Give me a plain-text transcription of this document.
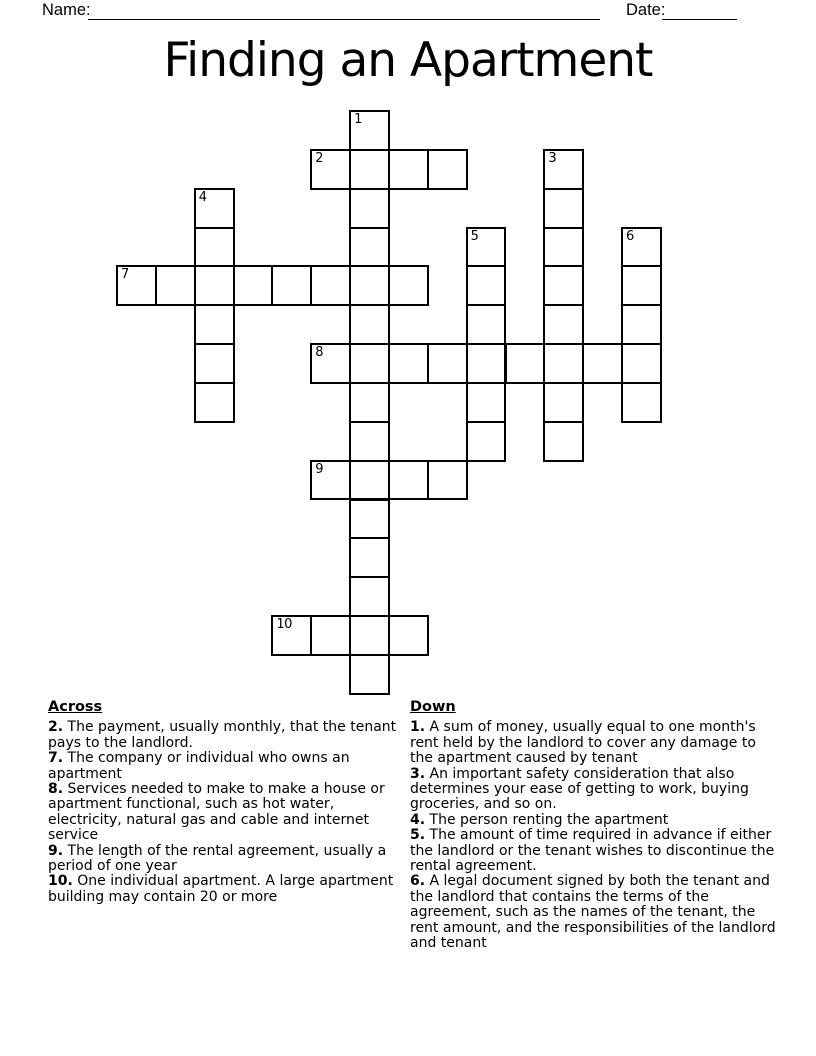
Name:	Date:
Finding an Apartment
1
2	3
4
5	6
7
8
9
10

Across

2. The payment, usually monthly, that the tenant pays to the landlord.

7. The company or individual who owns an apartment

8. Services needed to make to make a house or apartment functional, such as hot water, electricity, natural gas and cable and internet service

9. The length of the rental agreement, usually a period of one year

10. One individual apartment. A large apartment building may contain 20 or more

Down

1. A sum of money, usually equal to one month's rent held by the landlord to cover any damage to the apartment caused by tenant

3. An important safety consideration that also determines your ease of getting to work, buying groceries, and so on.

4. The person renting the apartment

5. The amount of time required in advance if either the landlord or the tenant wishes to discontinue the rental agreement.

6. A legal document signed by both the tenant and the landlord that contains the terms of the agreement, such as the names of the tenant, the rent amount, and the responsibilities of the landlord and tenant
